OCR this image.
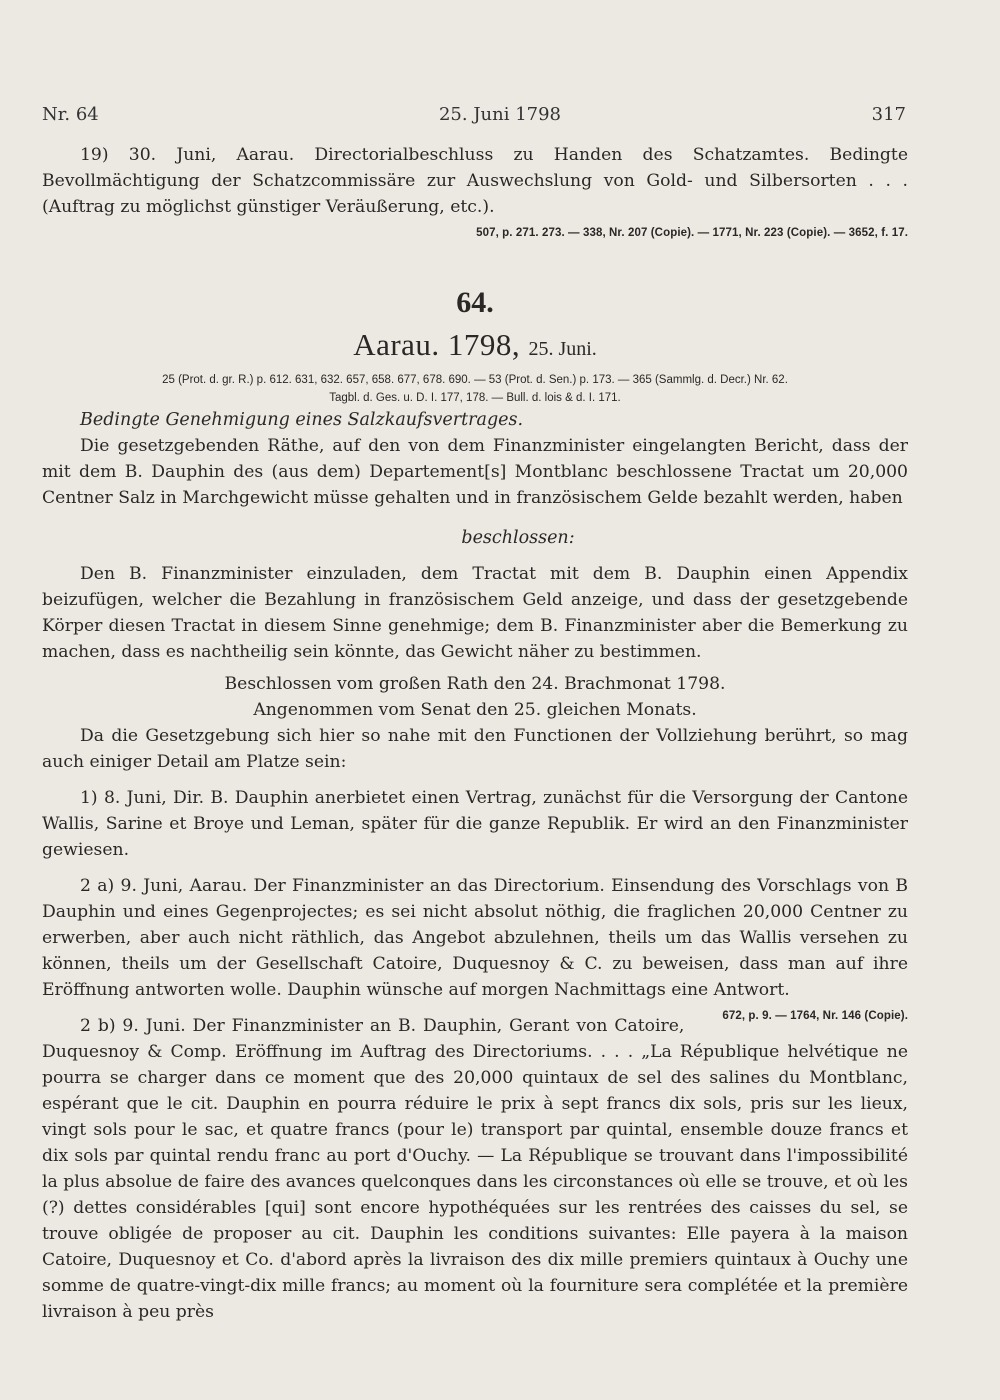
Nr. 64	25. Juni 1798	317

19) 30. Juni, Aarau. Directorialbeschluss zu Handen des Schatzamtes. Bedingte Bevollmächtigung der Schatzcommissäre zur Auswechslung von Gold- und Silbersorten . . . (Auftrag zu möglichst günstiger Veräußerung, etc.).
507, p. 271. 273. — 338, Nr. 207 (Copie). — 1771, Nr. 223 (Copie). — 3652, f. 17.

64.
Aarau. 1798, 25. Juni.
25 (Prot. d. gr. R.) p. 612. 631, 632. 657, 658. 677, 678. 690. — 53 (Prot. d. Sen.) p. 173. — 365 (Sammlg. d. Decr.) Nr. 62.
Tagbl. d. Ges. u. D. I. 177, 178. — Bull. d. lois & d. I. 171.

Bedingte Genehmigung eines Salzkaufsvertrages.

Die gesetzgebenden Räthe, auf den von dem Finanzminister eingelangten Bericht, dass der mit dem B. Dauphin des (aus dem) Departement[s] Montblanc beschlossene Tractat um 20,000 Centner Salz in Marchgewicht müsse gehalten und in französischem Gelde bezahlt werden, haben

beschlossen:

Den B. Finanzminister einzuladen, dem Tractat mit dem B. Dauphin einen Appendix beizufügen, welcher die Bezahlung in französischem Geld anzeige, und dass der gesetzgebende Körper diesen Tractat in diesem Sinne genehmige; dem B. Finanzminister aber die Bemerkung zu machen, dass es nachtheilig sein könnte, das Gewicht näher zu bestimmen.

Beschlossen vom großen Rath den 24. Brachmonat 1798.

Angenommen vom Senat den 25. gleichen Monats.

Da die Gesetzgebung sich hier so nahe mit den Functionen der Vollziehung berührt, so mag auch einiger Detail am Platze sein:

1) 8. Juni, Dir. B. Dauphin anerbietet einen Vertrag, zunächst für die Versorgung der Cantone Wallis, Sarine et Broye und Leman, später für die ganze Republik. Er wird an den Finanzminister gewiesen.

2 a) 9. Juni, Aarau. Der Finanzminister an das Directorium. Einsendung des Vorschlags von B Dauphin und eines Gegenprojectes; es sei nicht absolut nöthig, die fraglichen 20,000 Centner zu erwerben, aber auch nicht räthlich, das Angebot abzulehnen, theils um das Wallis versehen zu können, theils um der Gesellschaft Catoire, Duquesnoy & C. zu beweisen, dass man auf ihre Eröffnung antworten wolle. Dauphin wünsche auf morgen Nachmittags eine Antwort.
672, p. 9. — 1764, Nr. 146 (Copie).

2 b) 9. Juni. Der Finanzminister an B. Dauphin, Gerant von Catoire, Duquesnoy & Comp. Eröffnung im Auftrag des Directoriums. . . . „La République helvétique ne pourra se charger dans ce moment que des 20,000 quintaux de sel des salines du Montblanc, espérant que le cit. Dauphin en pourra réduire le prix à sept francs dix sols, pris sur les lieux, vingt sols pour le sac, et quatre francs (pour le) transport par quintal, ensemble douze francs et dix sols par quintal rendu franc au port d'Ouchy. — La République se trouvant dans l'impossibilité la plus absolue de faire des avances quelconques dans les circonstances où elle se trouve, et où les (?) dettes considérables [qui] sont encore hypothéquées sur les rentrées des caisses du sel, se trouve obligée de proposer au cit. Dauphin les conditions suivantes: Elle payera à la maison Catoire, Duquesnoy et Co. d'abord après la livraison des dix mille premiers quintaux à Ouchy une somme de quatre-vingt-dix mille francs; au moment où la fourniture sera complétée et la première livraison à peu près
